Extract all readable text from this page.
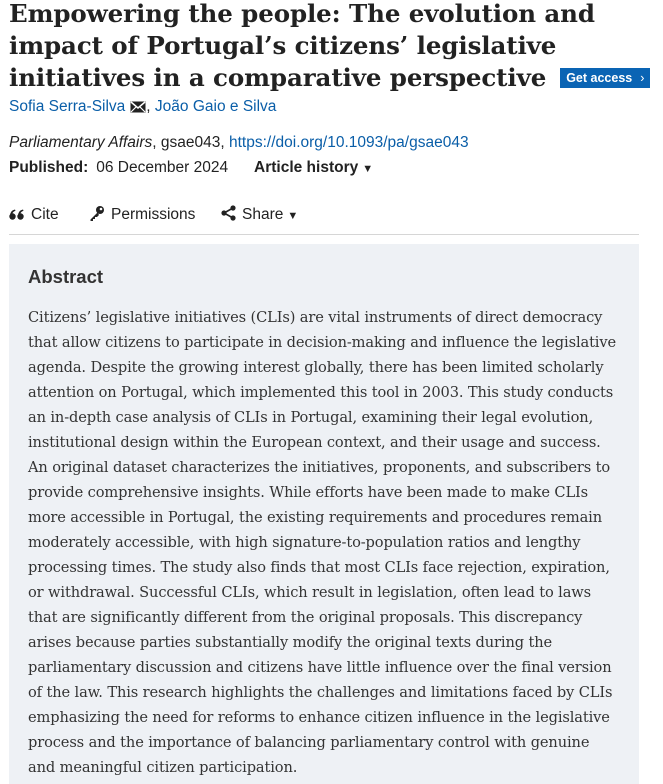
Empowering the people: The evolution and impact of Portugal’s citizens’ legislative initiatives in a comparative perspective Get access ›
Sofia Serra-Silva , João Gaio e Silva
Parliamentary Affairs, gsae043, https://doi.org/10.1093/pa/gsae043
Published: 06 December 2024 Article history ▼
Cite	Permissions	Share ▼
Abstract

Citizens’ legislative initiatives (CLIs) are vital instruments of direct democracy that allow citizens to participate in decision-making and influence the legislative agenda. Despite the growing interest globally, there has been limited scholarly attention on Portugal, which implemented this tool in 2003. This study conducts an in-depth case analysis of CLIs in Portugal, examining their legal evolution, institutional design within the European context, and their usage and success. An original dataset characterizes the initiatives, proponents, and subscribers to provide comprehensive insights. While efforts have been made to make CLIs more accessible in Portugal, the existing requirements and procedures remain moderately accessible, with high signature-to-population ratios and lengthy processing times. The study also finds that most CLIs face rejection, expiration, or withdrawal. Successful CLIs, which result in legislation, often lead to laws that are significantly different from the original proposals. This discrepancy arises because parties substantially modify the original texts during the parliamentary discussion and citizens have little influence over the final version of the law. This research highlights the challenges and limitations faced by CLIs emphasizing the need for reforms to enhance citizen influence in the legislative process and the importance of balancing parliamentary control with genuine and meaningful citizen participation.
